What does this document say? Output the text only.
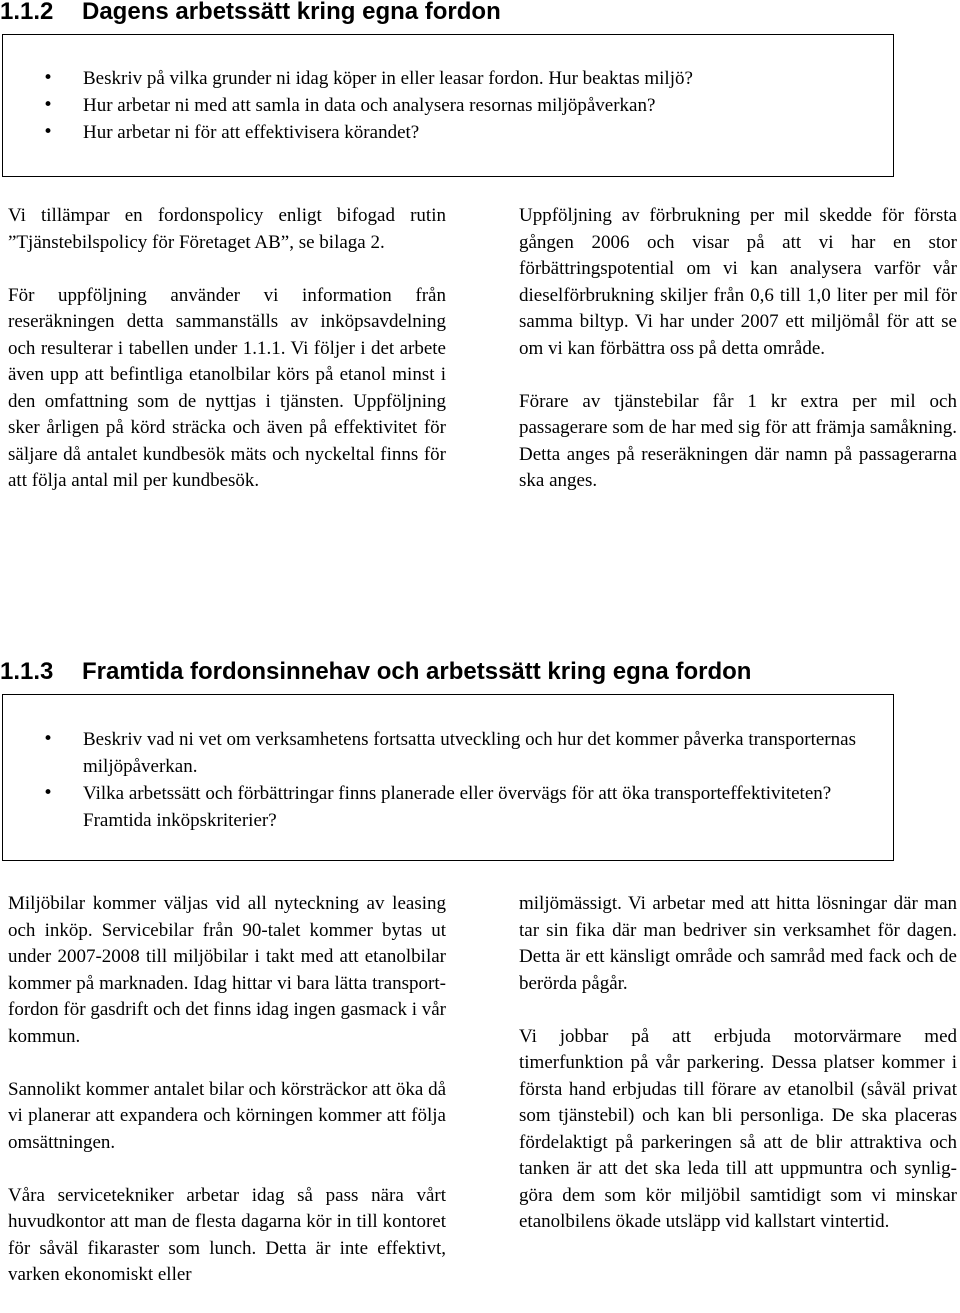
1.1.2 Dagens arbetssätt kring egna fordon
• Beskriv på vilka grunder ni idag köper in eller leasar fordon. Hur beaktas miljö?
• Hur arbetar ni med att samla in data och analysera resornas miljöpåverkan?
• Hur arbetar ni för att effektivisera körandet?

Vi tillämpar en fordonspolicy enligt bifogad rutin ”Tjänstebilspolicy för Företaget AB”, se bilaga 2.

För uppföljning använder vi information från reseräkningen detta sammanställs av inköpsavdelning och resulterar i tabellen under 1.1.1. Vi följer i det arbete även upp att befintliga etanolbilar körs på etanol minst i den omfattning som de nyttjas i tjänsten. Uppföljning sker årligen på körd sträcka och även på effektivitet för säljare då antalet kundbesök mäts och nyckeltal finns för att följa antal mil per kundbesök.

Uppföljning av förbrukning per mil skedde för första gången 2006 och visar på att vi har en stor förbättringspotential om vi kan analysera varför vår dieselförbrukning skiljer från 0,6 till 1,0 liter per mil för samma biltyp. Vi har under 2007 ett miljömål för att se om vi kan förbättra oss på detta område.

Förare av tjänstebilar får 1 kr extra per mil och passagerare som de har med sig för att främja samåkning. Detta anges på reseräkningen där namn på passagerarna ska anges.

1.1.3 Framtida fordonsinnehav och arbetssätt kring egna fordon
• Beskriv vad ni vet om verksamhetens fortsatta utveckling och hur det kommer påverka transporternas miljöpåverkan.
• Vilka arbetssätt och förbättringar finns planerade eller övervägs för att öka transporteffektiviteten? Framtida inköpskriterier?

Miljöbilar kommer väljas vid all nyteckning av leasing och inköp. Servicebilar från 90-talet kommer bytas ut under 2007-2008 till miljöbilar i takt med att etanolbilar kommer på marknaden. Idag hittar vi bara lätta transportfordon för gasdrift och det finns idag ingen gasmack i vår kommun.

Sannolikt kommer antalet bilar och körsträckor att öka då vi planerar att expandera och körningen kommer att följa omsättningen.

Våra servicetekniker arbetar idag så pass nära vårt huvudkontor att man de flesta dagarna kör in till kontoret för såväl fikaraster som lunch. Detta är inte effektivt, varken ekonomiskt eller

miljömässigt. Vi arbetar med att hitta lösningar där man tar sin fika där man bedriver sin verksamhet för dagen. Detta är ett känsligt område och samråd med fack och de berörda pågår.

Vi jobbar på att erbjuda motorvärmare med timerfunktion på vår parkering. Dessa platser kommer i första hand erbjudas till förare av etanolbil (såväl privat som tjänstebil) och kan bli personliga. De ska placeras fördelaktigt på parkeringen så att de blir attraktiva och tanken är att det ska leda till att uppmuntra och synliggöra dem som kör miljöbil samtidigt som vi minskar etanolbilens ökade utsläpp vid kallstart vintertid.
